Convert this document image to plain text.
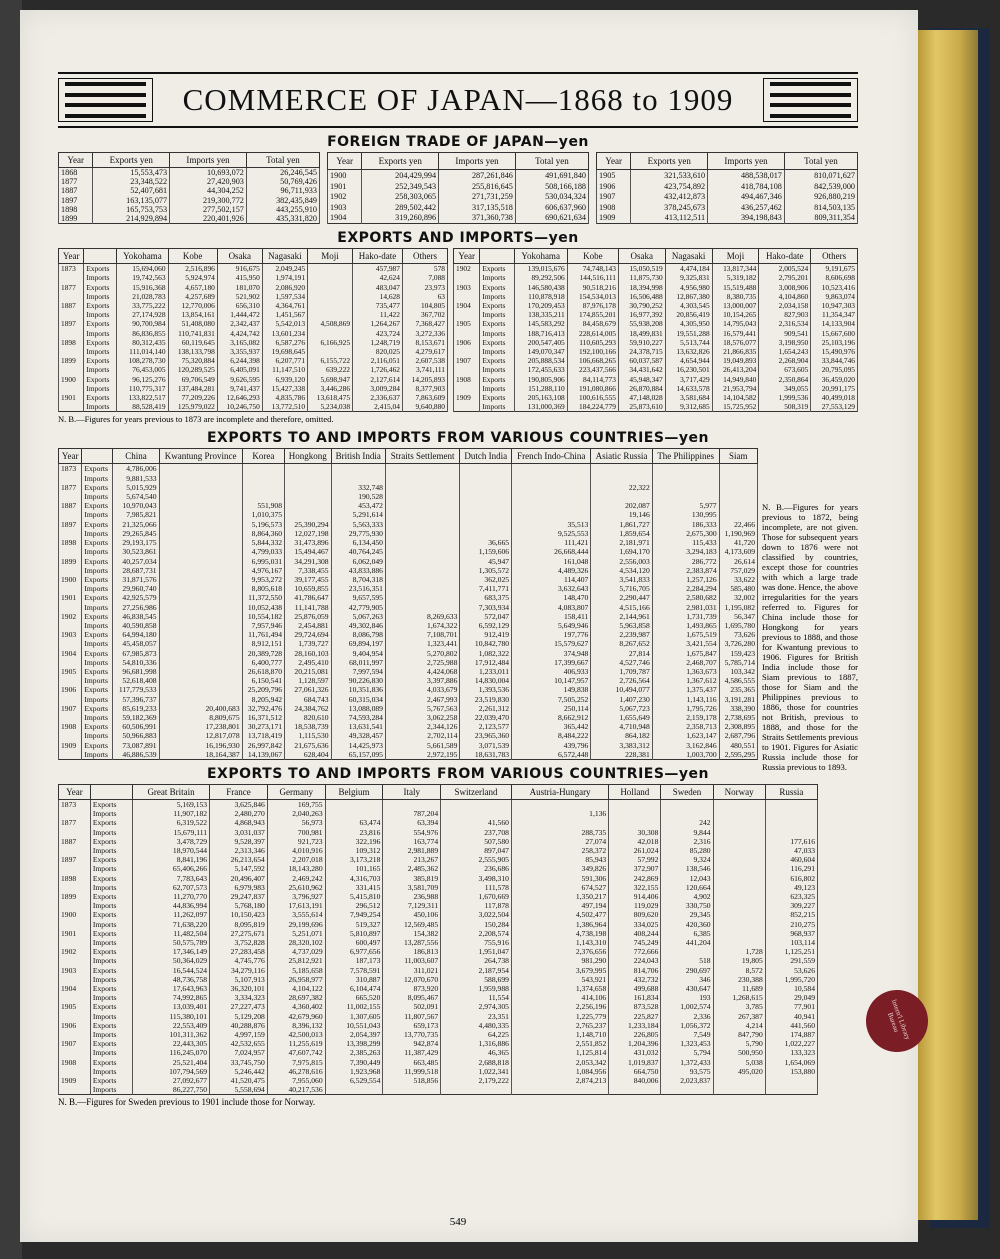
COMMERCE OF JAPAN—1868 to 1909
FOREIGN TRADE OF JAPAN—yen
Year	Exports yen	Imports yen	Total yen
1868	15,553,473	10,693,072	26,246,545
1877	23,348,522	27,420,903	50,769,426
1887	52,407,681	44,304,252	96,711,933
1897	163,135,077	219,300,772	382,435,849
1898	165,753,753	277,502,157	443,255,910
1899	214,929,894	220,401,926	435,331,820
Year	Exports yen	Imports yen	Total yen
1900	204,429,994	287,261,846	491,691,840
1901	252,349,543	255,816,645	508,166,188
1902	258,303,065	271,731,259	530,034,324
1903	289,502,442	317,135,518	606,637,960
1904	319,260,896	371,360,738	690,621,634
Year	Exports yen	Imports yen	Total yen
1905	321,533,610	488,538,017	810,071,627
1906	423,754,892	418,784,108	842,539,000
1907	432,412,873	494,467,346	926,880,219
1908	378,245,673	436,257,462	814,503,135
1909	413,112,511	394,198,843	809,311,354
EXPORTS AND IMPORTS—yen
Year		Yokohama	Kobe	Osaka	Nagasaki	Moji	Hako-date	Others
1873	Exports	15,694,060	2,516,896	916,675	2,049,245		457,987	578
	Imports	19,742,563	5,924,974	415,950	1,974,191		42,624	7,088
1877	Exports	15,916,368	4,657,180	181,070	2,086,920		483,047	23,973
	Imports	21,028,783	4,257,689	521,902	1,597,534		14,628	63
1887	Exports	33,775,222	12,770,006	656,310	4,364,761		735,477	104,805
	Imports	27,174,928	13,854,161	1,444,472	1,451,567		11,422	367,702
1897	Exports	90,700,984	51,408,080	2,342,437	5,542,013	4,508,869	1,264,267	7,368,427
	Imports	86,836,855	110,741,831	4,424,742	13,601,234		423,724	3,272,336
1898	Exports	80,312,435	60,119,645	3,165,082	6,587,276	6,166,925	1,248,719	8,153,671
	Imports	111,014,140	138,133,798	3,355,937	19,698,645		820,025	4,279,617
1899	Exports	108,278,730	75,320,884	6,244,398	6,207,771	6,155,722	2,116,051	2,607,538
	Imports	76,453,005	120,289,525	6,405,091	11,147,510	639,222	1,726,462	3,741,111
1900	Exports	96,125,276	69,706,549	9,626,595	6,939,120	5,698,947	2,127,614	14,205,893
	Imports	110,775,317	137,484,281	9,741,437	15,427,338	3,446,286	3,009,284	8,377,903
1901	Exports	133,822,517	77,209,226	12,646,293	4,835,786	13,618,475	2,336,637	7,863,609
	Imports	88,528,419	125,979,022	10,246,750	13,772,510	5,234,038	2,415,04	9,640,880
Year		Yokohama	Kobe	Osaka	Nagasaki	Moji	Hako-date	Others
1902	Exports	139,015,676	74,748,143	15,050,519	4,474,184	13,817,344	2,005,524	9,191,675
	Imports	89,292,506	144,516,111	11,875,730	9,325,831	5,319,182	2,795,201	8,606,698
1903	Exports	146,580,438	90,518,216	18,394,998	4,956,980	15,519,488	3,008,906	10,523,416
	Imports	110,878,918	154,534,013	16,506,488	12,867,380	8,380,735	4,104,860	9,863,074
1904	Exports	170,209,453	87,976,178	30,790,252	4,303,545	13,000,007	2,034,158	10,947,303
	Imports	138,335,211	174,855,201	16,977,392	20,856,419	10,154,265	827,903	11,354,347
1905	Exports	145,583,292	84,458,679	55,938,208	4,305,950	14,795,043	2,316,534	14,133,904
	Imports	188,716,413	228,614,005	18,499,831	19,551,288	16,579,441	909,541	15,667,600
1906	Exports	200,547,405	110,605,293	59,910,227	5,513,744	18,576,077	3,198,950	25,103,196
	Imports	149,070,347	192,100,166	24,378,715	13,632,826	21,866,835	1,654,243	15,490,976
1907	Exports	205,888,534	106,668,265	60,037,587	4,654,944	19,049,893	2,268,904	33,844,746
	Imports	172,455,633	223,437,566	34,431,642	16,230,501	26,413,204	673,605	20,795,095
1908	Exports	190,805,906	84,114,773	45,948,347	3,717,429	14,949,840	2,350,864	36,459,020
	Imports	151,288,110	191,080,866	26,870,884	14,633,578	21,953,794	349,055	20,991,175
1909	Exports	205,163,108	100,616,555	47,148,028	3,581,684	14,104,582	1,999,536	40,499,018
	Imports	131,000,369	184,224,779	25,873,610	9,312,685	15,725,952	508,319	27,553,129
N. B.—Figures for years previous to 1873 are incomplete and therefore, omitted.
EXPORTS TO AND IMPORTS FROM VARIOUS COUNTRIES—yen
Year		China	Kwantung Province	Korea	Hongkong	British India	Straits Settlement	Dutch India	French Indo-China	Asiatic Russia	The Philippines	Siam
1873	Exports	4,786,006										
	Imports	9,881,533										
1877	Exports	5,015,929				332,748				22,322		
	Imports	5,674,540				190,528						
1887	Exports	10,970,043		551,908		453,472				202,087	5,977	
	Imports	7,985,821		1,010,375		5,291,614				19,146	130,995	
1897	Exports	21,325,066		5,196,573	25,390,294	5,563,333			35,513	1,861,727	186,333	22,466
	Imports	29,265,845		8,864,360	12,027,198	29,775,930			9,525,553	1,859,654	2,675,300	1,190,969
1898	Exports	29,193,175		5,844,332	31,473,896	6,134,450		36,665	111,421	2,181,971	115,433	41,720
	Imports	30,523,861		4,799,033	15,494,467	40,764,245		1,159,606	26,668,444	1,694,170	3,294,183	4,173,609
1899	Exports	40,257,034		6,995,031	34,291,308	6,062,049		45,947	161,048	2,556,003	286,772	26,614
	Imports	28,687,731		4,976,167	7,338,455	43,833,886		1,305,572	4,489,326	4,534,120	2,383,874	757,029
1900	Exports	31,871,576		9,953,272	39,177,455	8,704,318		362,025	114,407	3,541,833	1,257,126	33,622
	Imports	29,960,740		8,805,618	10,659,855	23,516,351		7,411,771	3,632,643	5,716,705	2,284,294	585,480
1901	Exports	42,925,579		11,372,550	41,786,647	9,657,595		683,375	148,470	2,290,447	2,580,682	32,002
	Imports	27,256,986		10,052,438	11,141,788	42,779,905		7,303,934	4,083,807	4,515,166	2,981,031	1,195,082
1902	Exports	46,838,545		10,554,182	25,876,059	5,067,263	8,269,633	572,047	158,411	2,144,961	1,731,739	56,347
	Imports	40,590,858		7,957,946	2,454,881	49,302,846	1,674,322	6,592,129	5,649,946	5,963,858	1,493,865	1,695,780
1903	Exports	64,994,180		11,761,494	29,724,694	8,086,798	7,108,701	912,419	197,776	2,239,987	1,675,519	73,626
	Imports	45,458,057		8,912,151	1,739,727	69,894,197	1,323,441	10,842,780	15,579,627	8,267,652	3,421,554	3,726,280
1904	Exports	67,985,873		20,389,728	28,160,103	9,404,954	5,270,802	1,082,322	374,948	27,814	1,675,847	159,423
	Imports	54,810,336		6,400,777	2,495,410	68,011,997	2,725,988	17,912,484	17,399,667	4,527,746	2,468,707	5,785,714
1905	Exports	96,681,998		26,618,870	20,215,081	7,997,594	4,424,068	1,233,011	406,933	1,709,787	1,363,673	103,342
	Imports	52,618,408		6,150,541	1,128,597	90,226,830	3,397,886	14,830,004	10,147,957	2,726,564	1,367,612	4,586,555
1906	Exports	117,779,533		25,209,796	27,061,326	10,351,836	4,033,679	1,393,536	149,838	10,494,077	1,375,437	235,365
	Imports	57,396,737		8,205,942	684,743	60,315,034	2,467,993	23,519,830	7,505,252	1,407,230	1,143,116	3,191,281
1907	Exports	85,619,233	20,400,683	32,792,476	24,384,762	13,088,089	5,767,563	2,261,312	250,114	5,067,723	1,795,726	338,390
	Imports	59,182,369	8,809,675	16,371,512	820,610	74,593,284	3,062,258	22,039,470	8,662,912	1,655,649	2,159,178	2,738,695
1908	Exports	60,506,991	17,238,801	30,273,171	18,538,739	13,631,541	2,344,126	2,123,577	365,442	4,710,948	2,358,713	2,308,895
	Imports	50,966,883	12,817,078	13,718,419	1,115,530	49,328,457	2,702,114	23,965,360	8,484,222	864,182	1,623,147	2,687,796
1909	Exports	73,087,891	16,196,930	26,997,842	21,675,636	14,425,973	5,661,589	3,071,539	439,796	3,383,312	3,162,846	480,551
	Imports	46,886,539	18,164,387	14,139,067	628,404	65,157,095	2,972,195	18,631,783	6,572,448	228,381	1,003,700	2,595,295
EXPORTS TO AND IMPORTS FROM VARIOUS COUNTRIES—yen
Year		Great Britain	France	Germany	Belgium	Italy	Switzerland	Austria-Hungary	Holland	Sweden	Norway	Russia
1873	Exports	5,169,153	3,625,846	169,755								
	Imports	11,907,182	2,480,270	2,040,263		787,204		1,136				
1877	Exports	6,319,522	4,868,943	56,973	63,474	63,394	41,560			242		
	Imports	15,679,111	3,031,037	700,981	23,816	554,976	237,708	288,735	30,308	9,844		
1887	Exports	3,478,729	9,528,397	921,723	322,196	163,774	507,580	27,074	42,018	2,316		177,616
	Imports	18,970,544	2,313,346	4,010,916	109,312	2,981,889	897,047	258,372	261,024	85,280		47,033
1897	Exports	8,841,196	26,213,654	2,207,018	3,173,218	213,267	2,555,905	85,943	57,992	9,324		460,604
	Imports	65,406,266	5,147,592	18,143,280	101,165	2,485,362	236,686	349,826	372,907	138,546		116,291
1898	Exports	7,783,643	20,496,407	2,469,242	4,316,703	385,819	3,498,310	591,306	242,869	12,043		616,802
	Imports	62,707,573	6,979,983	25,610,962	331,415	3,581,709	111,578	674,527	322,155	120,664		49,123
1899	Exports	11,270,770	29,247,837	3,796,927	5,415,810	236,988	1,670,669	1,350,217	914,406	4,902		623,325
	Imports	44,836,994	5,768,180	17,613,191	296,512	7,129,311	117,878	497,194	119,029	330,750		309,227
1900	Exports	11,262,097	10,150,423	3,555,614	7,949,254	450,106	3,022,504	4,502,477	809,620	29,345		852,215
	Imports	71,638,220	8,095,819	29,199,696	519,327	12,569,485	150,284	1,386,964	334,025	420,360		210,275
1901	Exports	11,482,504	27,275,671	5,251,071	5,810,897	154,382	2,208,574	4,738,198	408,244	6,385		968,937
	Imports	50,575,789	3,752,828	28,320,102	600,497	13,287,556	755,916	1,143,310	745,249	441,204		103,114
1902	Exports	17,346,149	27,283,458	4,737,029	6,977,656	186,813	1,951,047	2,376,656	772,666		1,728	1,125,251
	Imports	50,364,029	4,745,776	25,812,921	187,173	11,003,607	264,738	981,290	224,043	518	19,805	291,559
1903	Exports	16,544,524	34,279,116	5,185,658	7,578,591	311,021	2,187,954	3,679,995	814,706	290,697	8,572	53,626
	Imports	48,736,758	5,107,913	26,958,977	310,887	12,070,670	588,699	543,921	432,732	346	230,388	1,995,720
1904	Exports	17,643,963	36,320,101	4,104,122	6,104,474	873,920	1,959,988	1,374,658	499,688	430,647	11,689	10,584
	Imports	74,992,865	3,334,323	28,697,382	665,520	8,095,467	11,554	414,106	161,834	193	1,268,615	29,049
1905	Exports	13,039,401	27,227,473	4,360,402	11,002,155	502,091	2,974,305	2,256,196	873,528	1,002,574	3,785	77,901
	Imports	115,380,101	5,129,208	42,679,960	1,307,605	11,807,567	23,351	1,225,779	225,827	2,336	267,387	40,941
1906	Exports	22,553,409	40,288,876	8,396,132	10,551,043	659,173	4,480,335	2,765,237	1,233,184	1,056,372	4,214	441,560
	Imports	101,311,362	4,997,159	42,500,013	2,054,397	13,770,735	64,225	1,148,710	226,805	7,549	847,790	174,887
1907	Exports	22,443,305	42,532,655	11,255,619	13,398,299	942,874	1,316,886	2,551,852	1,204,396	1,323,453	5,790	1,022,227
	Imports	116,245,070	7,024,957	47,607,742	2,385,263	11,387,429	46,365	1,125,814	431,032	5,794	500,950	133,323
1908	Exports	25,521,404	33,745,750	7,975,815	7,390,449	663,485	2,688,818	2,053,342	1,019,837	1,372,433	5,038	1,654,069
	Imports	107,794,569	5,246,442	46,278,616	1,923,968	11,999,518	1,022,341	1,084,956	664,750	93,575	495,020	153,880
1909	Exports	27,092,677	41,520,475	7,955,060	6,529,554	518,856	2,179,222	2,874,213	840,006	2,023,837		
	Imports	86,227,750	5,558,694	40,217,536								
N. B.—Figures for Sweden previous to 1901 include those for Norway.
N. B.—Figures for years previous to 1872, being incomplete, are not given. Those for subsequent years down to 1876 were not classified by countries, except those for countries with which a large trade was done. Hence, the above irregularities for the years referred to. Figures for China include those for Hongkong for years previous to 1888, and those for Kwantung previous to 1906. Figures for British India include those for Siam previous to 1887, those for Siam and the Philippines previous to 1886, those for countries not British, previous to 1888, and those for the Straits Settlements previous to 1901. Figures for Asiatic Russia include those for Russia previous to 1893.
549
Intern'l Library Bureau
